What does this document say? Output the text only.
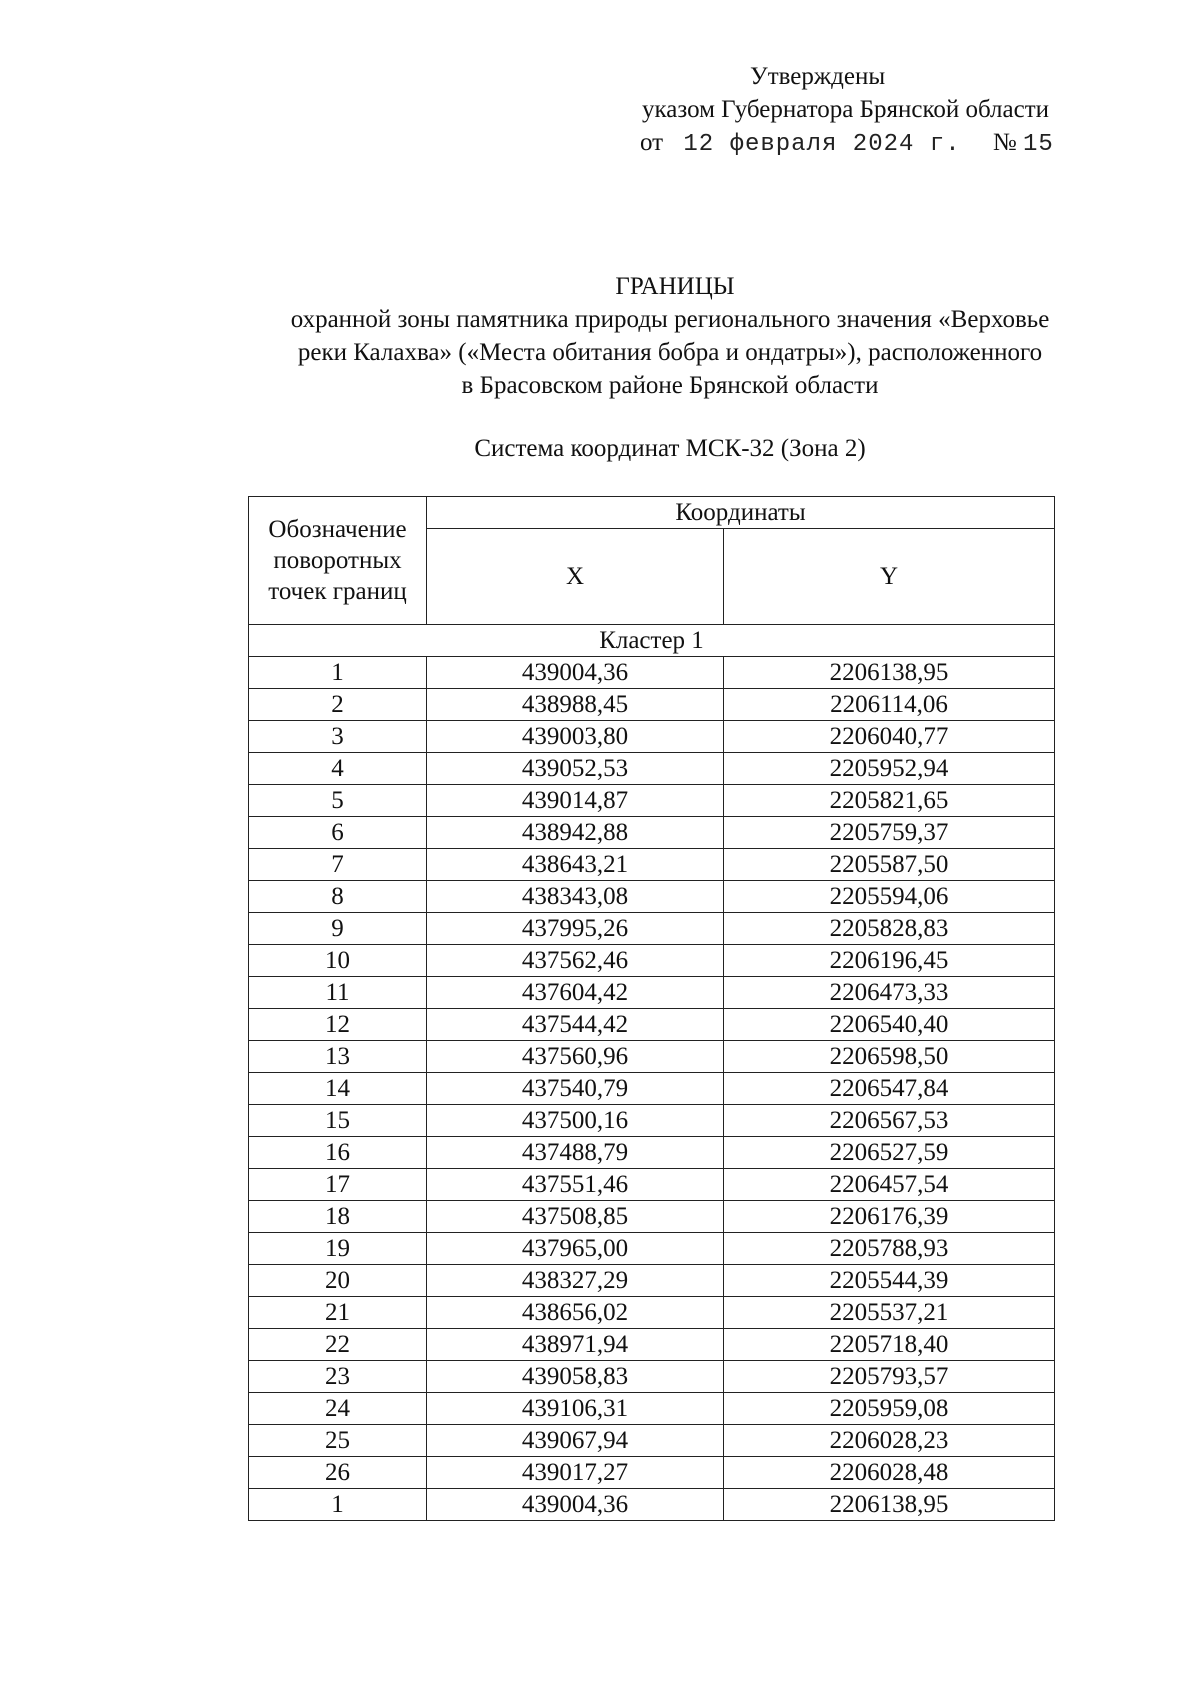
Утверждены
указом Губернатора Брянской области
от 12 февраля 2024 г. № 15
ГРАНИЦЫ
охранной зоны памятника природы регионального значения «Верховье
реки Калахва» («Места обитания бобра и ондатры»), расположенного
в Брасовском районе Брянской области
Система координат МСК-32 (Зона 2)
Обозначение поворотных точек границ	Координаты	
	X	Y
Кластер 1		
1	439004,36	2206138,95
2	438988,45	2206114,06
3	439003,80	2206040,77
4	439052,53	2205952,94
5	439014,87	2205821,65
6	438942,88	2205759,37
7	438643,21	2205587,50
8	438343,08	2205594,06
9	437995,26	2205828,83
10	437562,46	2206196,45
11	437604,42	2206473,33
12	437544,42	2206540,40
13	437560,96	2206598,50
14	437540,79	2206547,84
15	437500,16	2206567,53
16	437488,79	2206527,59
17	437551,46	2206457,54
18	437508,85	2206176,39
19	437965,00	2205788,93
20	438327,29	2205544,39
21	438656,02	2205537,21
22	438971,94	2205718,40
23	439058,83	2205793,57
24	439106,31	2205959,08
25	439067,94	2206028,23
26	439017,27	2206028,48
1	439004,36	2206138,95
